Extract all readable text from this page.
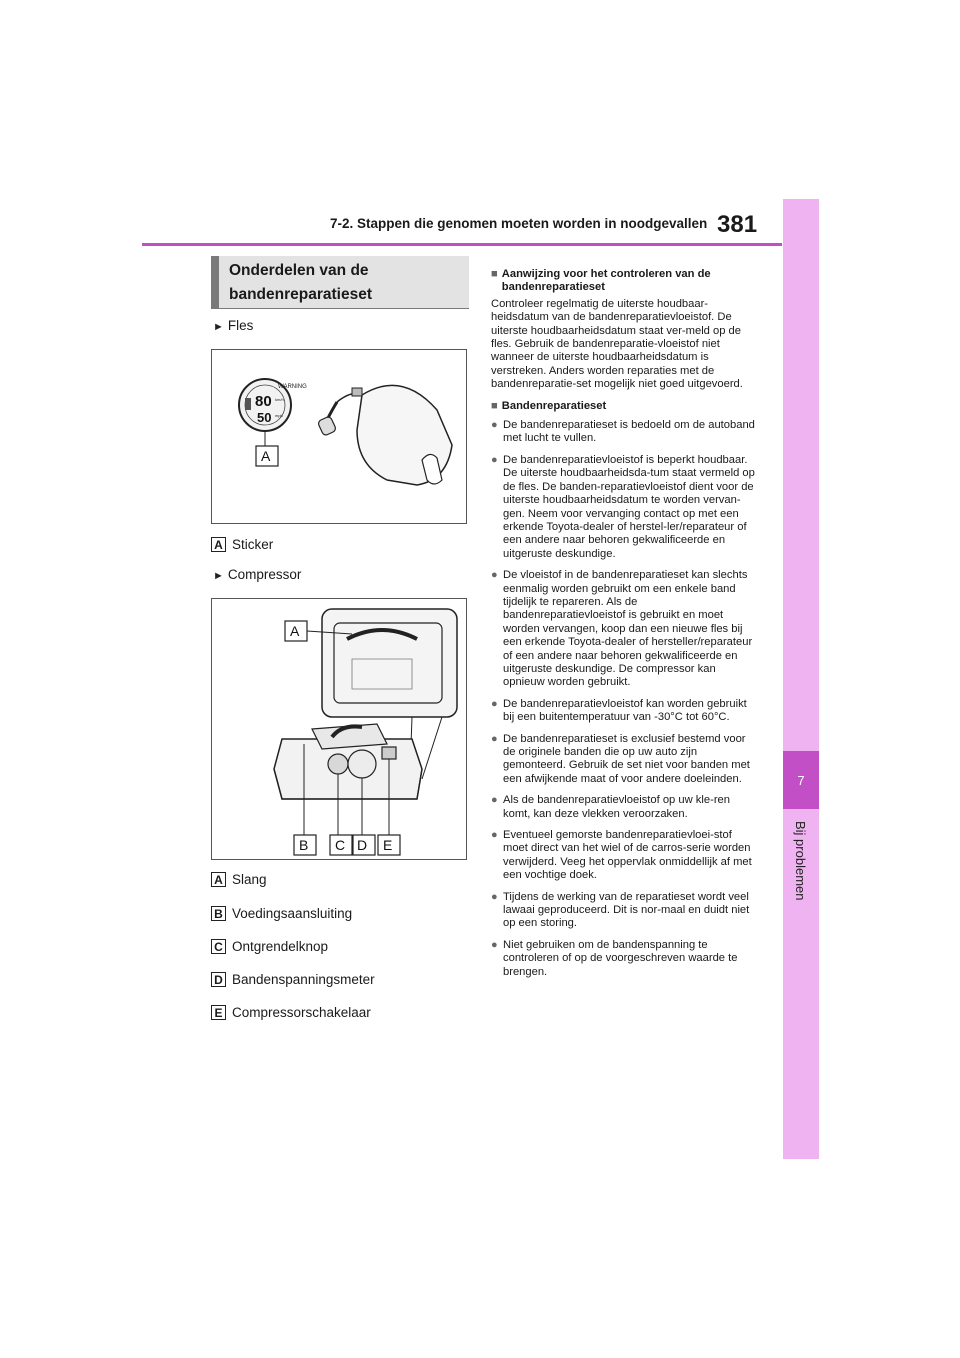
7-2. Stappen die genomen moeten worden in noodgevallen 381
7
Bij problemen
Onderdelen van de bandenreparatieset
► Fles
WARNING
80
50
km/h
mph
A
A Sticker
► Compressor
A
B C D E
A Slang
B Voedingsaansluiting
C Ontgrendelknop
D Bandenspanningsmeter
E Compressorschakelaar
■ Aanwijzing voor het controleren van de bandenreparatieset

Controleer regelmatig de uiterste houdbaar-heidsdatum van de bandenreparatievloeistof. De uiterste houdbaarheidsdatum staat ver-meld op de fles. Gebruik de bandenreparatie-vloeistof niet wanneer de uiterste houdbaarheidsdatum is verstreken. Anders worden reparaties met de bandenreparatie-set mogelijk niet goed uitgevoerd.

■ Bandenreparatieset
● De bandenreparatieset is bedoeld om de autoband met lucht te vullen.
● De bandenreparatievloeistof is beperkt houdbaar. De uiterste houdbaarheidsda-tum staat vermeld op de fles. De banden-reparatievloeistof dient voor de uiterste houdbaarheidsdatum te worden vervan-gen. Neem voor vervanging contact op met een erkende Toyota-dealer of herstel-ler/reparateur of een andere naar behoren gekwalificeerde en uitgeruste deskundige.
● De vloeistof in de bandenreparatieset kan slechts eenmalig worden gebruikt om een enkele band tijdelijk te repareren. Als de bandenreparatievloeistof is gebruikt en moet worden vervangen, koop dan een nieuwe fles bij een erkende Toyota-dealer of hersteller/reparateur of een andere naar behoren gekwalificeerde en uitgeruste deskundige. De compressor kan opnieuw worden gebruikt.
● De bandenreparatievloeistof kan worden gebruikt bij een buitentemperatuur van -30°C tot 60°C.
● De bandenreparatieset is exclusief bestemd voor de originele banden die op uw auto zijn gemonteerd. Gebruik de set niet voor banden met een afwijkende maat of voor andere doeleinden.
● Als de bandenreparatievloeistof op uw kle-ren komt, kan deze vlekken veroorzaken.
● Eventueel gemorste bandenreparatievloei-stof moet direct van het wiel of de carros-serie worden verwijderd. Veeg het oppervlak onmiddellijk af met een vochtige doek.
● Tijdens de werking van de reparatieset wordt veel lawaai geproduceerd. Dit is nor-maal en duidt niet op een storing.
● Niet gebruiken om de bandenspanning te controleren of op de voorgeschreven waarde te brengen.
